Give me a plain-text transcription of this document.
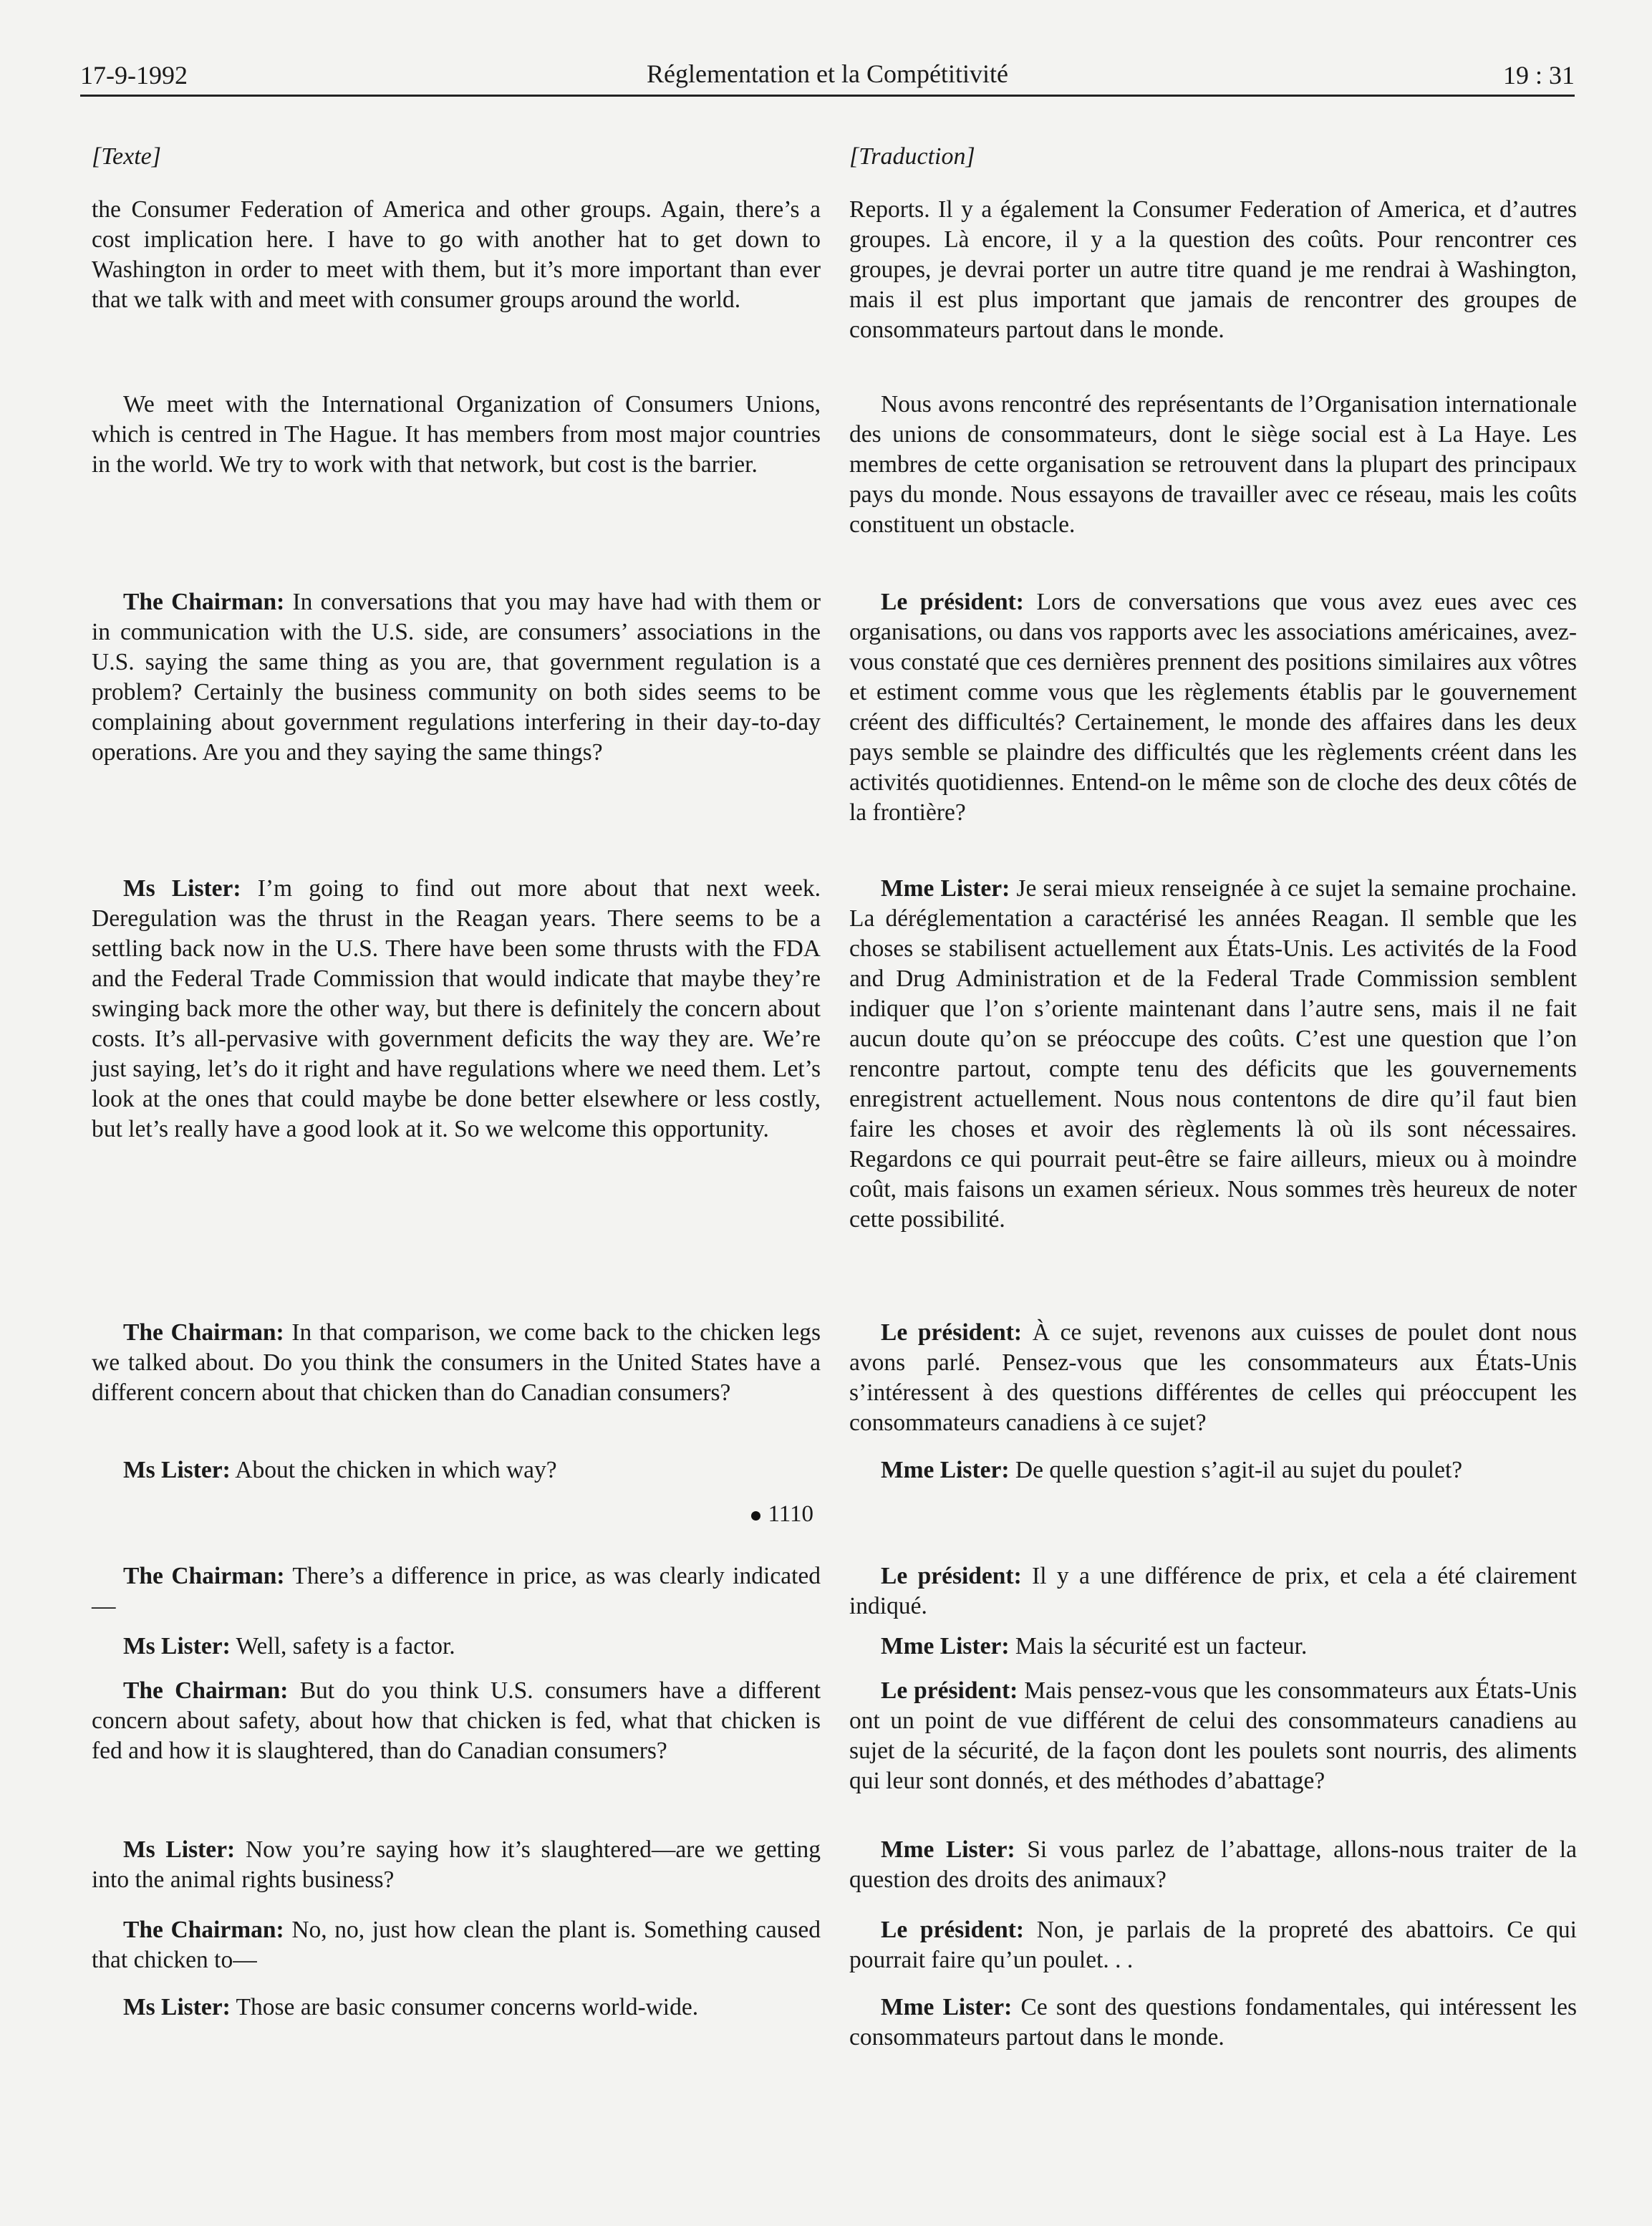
17-9-1992	Réglementation et la Compétitivité	19 : 31
[Texte]

the Consumer Federation of America and other groups. Again, there’s a cost implication here. I have to go with another hat to get down to Washington in order to meet with them, but it’s more important than ever that we talk with and meet with consumer groups around the world.

We meet with the International Organization of Consumers Unions, which is centred in The Hague. It has members from most major countries in the world. We try to work with that network, but cost is the barrier.

The Chairman: In conversations that you may have had with them or in communication with the U.S. side, are consumers’ associations in the U.S. saying the same thing as you are, that government regulation is a problem? Certainly the business community on both sides seems to be complaining about government regulations interfering in their day-to-day operations. Are you and they saying the same things?

Ms Lister: I’m going to find out more about that next week. Deregulation was the thrust in the Reagan years. There seems to be a settling back now in the U.S. There have been some thrusts with the FDA and the Federal Trade Commission that would indicate that maybe they’re swinging back more the other way, but there is definitely the concern about costs. It’s all-pervasive with government deficits the way they are. We’re just saying, let’s do it right and have regulations where we need them. Let’s look at the ones that could maybe be done better elsewhere or less costly, but let’s really have a good look at it. So we welcome this opportunity.

The Chairman: In that comparison, we come back to the chicken legs we talked about. Do you think the consumers in the United States have a different concern about that chicken than do Canadian consumers?

Ms Lister: About the chicken in which way?

1110

The Chairman: There’s a difference in price, as was clearly indicated—

Ms Lister: Well, safety is a factor.

The Chairman: But do you think U.S. consumers have a different concern about safety, about how that chicken is fed, what that chicken is fed and how it is slaughtered, than do Canadian consumers?

Ms Lister: Now you’re saying how it’s slaughtered—are we getting into the animal rights business?

The Chairman: No, no, just how clean the plant is. Something caused that chicken to—

Ms Lister: Those are basic consumer concerns world-wide.

[Traduction]

Reports. Il y a également la Consumer Federation of America, et d’autres groupes. Là encore, il y a la question des coûts. Pour rencontrer ces groupes, je devrai porter un autre titre quand je me rendrai à Washington, mais il est plus important que jamais de rencontrer des groupes de consommateurs partout dans le monde.

Nous avons rencontré des représentants de l’Organisation internationale des unions de consommateurs, dont le siège social est à La Haye. Les membres de cette organisation se retrouvent dans la plupart des principaux pays du monde. Nous essayons de travailler avec ce réseau, mais les coûts constituent un obstacle.

Le président: Lors de conversations que vous avez eues avec ces organisations, ou dans vos rapports avec les associations américaines, avez-vous constaté que ces dernières prennent des positions similaires aux vôtres et estiment comme vous que les règlements établis par le gouvernement créent des difficultés? Certainement, le monde des affaires dans les deux pays semble se plaindre des difficultés que les règlements créent dans les activités quotidiennes. Entend-on le même son de cloche des deux côtés de la frontière?

Mme Lister: Je serai mieux renseignée à ce sujet la semaine prochaine. La déréglementation a caractérisé les années Reagan. Il semble que les choses se stabilisent actuellement aux États-Unis. Les activités de la Food and Drug Administration et de la Federal Trade Commission semblent indiquer que l’on s’oriente maintenant dans l’autre sens, mais il ne fait aucun doute qu’on se préoccupe des coûts. C’est une question que l’on rencontre partout, compte tenu des déficits que les gouvernements enregistrent actuellement. Nous nous contentons de dire qu’il faut bien faire les choses et avoir des règlements là où ils sont nécessaires. Regardons ce qui pourrait peut-être se faire ailleurs, mieux ou à moindre coût, mais faisons un examen sérieux. Nous sommes très heureux de noter cette possibilité.

Le président: À ce sujet, revenons aux cuisses de poulet dont nous avons parlé. Pensez-vous que les consommateurs aux États-Unis s’intéressent à des questions différentes de celles qui préoccupent les consommateurs canadiens à ce sujet?

Mme Lister: De quelle question s’agit-il au sujet du poulet?

Le président: Il y a une différence de prix, et cela a été clairement indiqué.

Mme Lister: Mais la sécurité est un facteur.

Le président: Mais pensez-vous que les consommateurs aux États-Unis ont un point de vue différent de celui des consommateurs canadiens au sujet de la sécurité, de la façon dont les poulets sont nourris, des aliments qui leur sont donnés, et des méthodes d’abattage?

Mme Lister: Si vous parlez de l’abattage, allons-nous traiter de la question des droits des animaux?

Le président: Non, je parlais de la propreté des abattoirs. Ce qui pourrait faire qu’un poulet. . .

Mme Lister: Ce sont des questions fondamentales, qui intéressent les consommateurs partout dans le monde.
